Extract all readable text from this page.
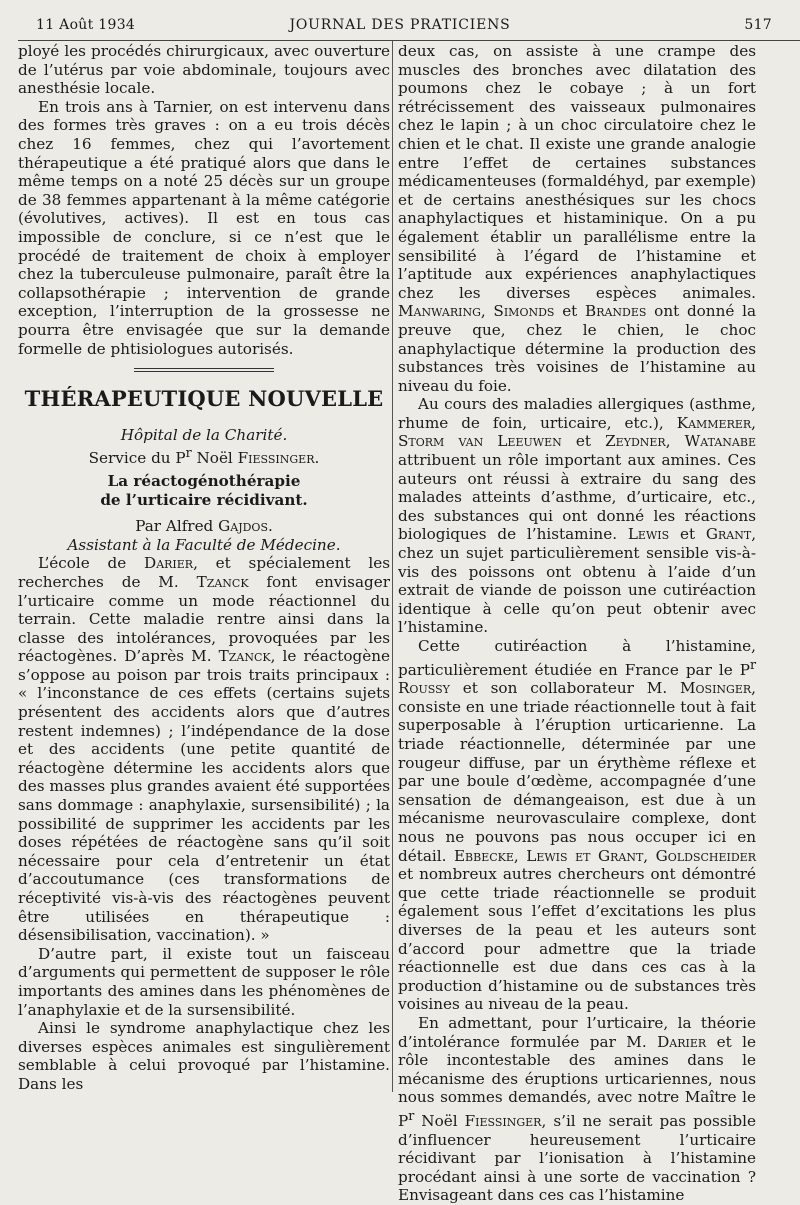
11 Août 1934	JOURNAL DES PRATICIENS	517

ployé les procédés chirurgicaux, avec ouverture de l’utérus par voie abdominale, toujours avec anesthésie locale.

En trois ans à Tarnier, on est intervenu dans des formes très graves : on a eu trois décès chez 16 femmes, chez qui l’avortement thérapeutique a été pratiqué alors que dans le même temps on a noté 25 décès sur un groupe de 38 femmes appartenant à la même catégorie (évolutives, actives). Il est en tous cas impossible de conclure, si ce n’est que le procédé de traitement de choix à employer chez la tuberculeuse pulmonaire, paraît être la collapsothérapie ; intervention de grande exception, l’interruption de la grossesse ne pourra être envisagée que sur la demande formelle de phtisiologues autorisés.

THÉRAPEUTIQUE NOUVELLE
Hôpital de la Charité.
Service du $P^r$ Noël Fiessinger.
La réactogénothérapie
de l’urticaire récidivant.
Par Alfred Gajdos.
Assistant à la Faculté de Médecine.

L’école de Darier, et spécialement les recherches de M. Tzanck font envisager l’urticaire comme un mode réactionnel du terrain. Cette maladie rentre ainsi dans la classe des intolérances, provoquées par les réactogènes. D’après M. Tzanck, le réactogène s’oppose au poison par trois traits principaux : « l’inconstance de ces effets (certains sujets présentent des accidents alors que d’autres restent indemnes) ; l’indépendance de la dose et des accidents (une petite quantité de réactogène détermine les accidents alors que des masses plus grandes avaient été supportées sans dommage : anaphylaxie, sursensibilité) ; la possibilité de supprimer les accidents par les doses répétées de réactogène sans qu’il soit nécessaire pour cela d’entretenir un état d’accoutumance (ces transformations de réceptivité vis-à-vis des réactogènes peuvent être utilisées en thérapeutique : désensibilisation, vaccination). »

D’autre part, il existe tout un faisceau d’arguments qui permettent de supposer le rôle importants des amines dans les phénomènes de l’anaphylaxie et de la sursensibilité.

Ainsi le syndrome anaphylactique chez les diverses espèces animales est singulièrement semblable à celui provoqué par l’histamine. Dans les

deux cas, on assiste à une crampe des muscles des bronches avec dilatation des poumons chez le cobaye ; à un fort rétrécissement des vaisseaux pulmonaires chez le lapin ; à un choc circulatoire chez le chien et le chat. Il existe une grande analogie entre l’effet de certaines substances médicamenteuses (formaldéhyd, par exemple) et de certains anesthésiques sur les chocs anaphylactiques et histaminique. On a pu également établir un parallélisme entre la sensibilité à l’égard de l’histamine et l’aptitude aux expériences anaphylactiques chez les diverses espèces animales. Manwaring, Simonds et Brandes ont donné la preuve que, chez le chien, le choc anaphylactique détermine la production des substances très voisines de l’histamine au niveau du foie.

Au cours des maladies allergiques (asthme, rhume de foin, urticaire, etc.), Kammerer, Storm van Leeuwen et Zeydner, Watanabe attribuent un rôle important aux amines. Ces auteurs ont réussi à extraire du sang des malades atteints d’asthme, d’urticaire, etc., des substances qui ont donné les réactions biologiques de l’histamine. Lewis et Grant, chez un sujet particulièrement sensible vis-à-vis des poissons ont obtenu à l’aide d’un extrait de viande de poisson une cutiréaction identique à celle qu’on peut obtenir avec l’histamine.

Cette cutiréaction à l’histamine, particulièrement étudiée en France par le $P^r$ Roussy et son collaborateur M. Mosinger, consiste en une triade réactionnelle tout à fait superposable à l’éruption urticarienne. La triade réactionnelle, déterminée par une rougeur diffuse, par un érythème réflexe et par une boule d’œdème, accompagnée d’une sensation de démangeaison, est due à un mécanisme neurovasculaire complexe, dont nous ne pouvons pas nous occuper ici en détail. Ebbecke, Lewis et Grant, Goldscheider et nombreux autres chercheurs ont démontré que cette triade réactionnelle se produit également sous l’effet d’excitations les plus diverses de la peau et les auteurs sont d’accord pour admettre que la triade réactionnelle est due dans ces cas à la production d’histamine ou de substances très voisines au niveau de la peau.

En admettant, pour l’urticaire, la théorie d’intolérance formulée par M. Darier et le rôle incontestable des amines dans le mécanisme des éruptions urticariennes, nous nous sommes demandés, avec notre Maître le $P^r$ Noël Fiessinger, s’il ne serait pas possible d’influencer heureusement l’urticaire récidivant par l’ionisation à l’histamine procédant ainsi à une sorte de vaccination ? Envisageant dans ces cas l’histamine
